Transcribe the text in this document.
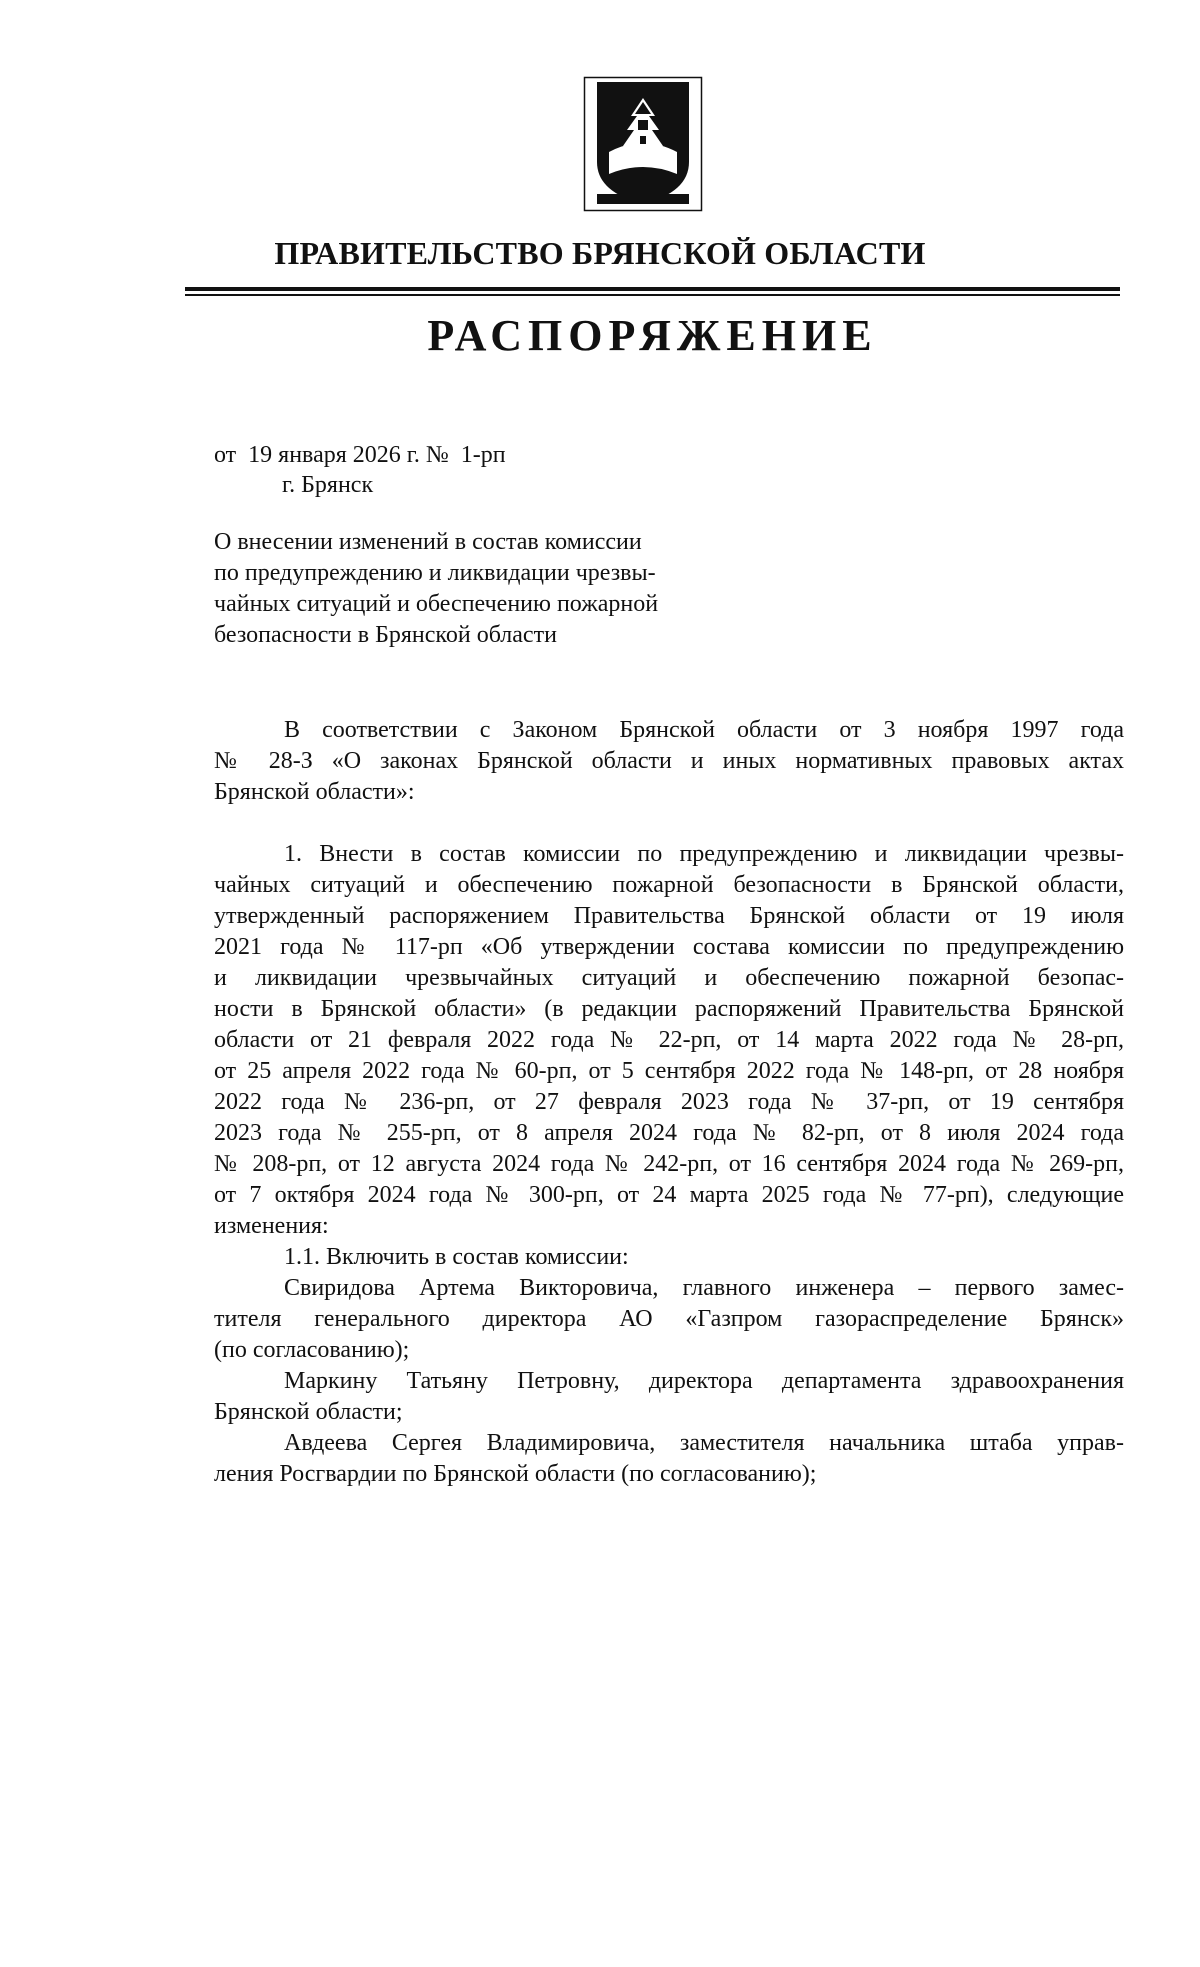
ПРАВИТЕЛЬСТВО БРЯНСКОЙ ОБЛАСТИ
РАСПОРЯЖЕНИЕ
от  19 января 2026 г. №  1-рп
г. Брянск
О внесении изменений в состав комиссии
по предупреждению и ликвидации чрезвы-
чайных ситуаций и обеспечению пожарной
безопасности в Брянской области
В соответствии с Законом Брянской области от 3 ноября 1997 года
№ 28-З «О законах Брянской области и иных нормативных правовых актах
Брянской области»:
1. Внести в состав комиссии по предупреждению и ликвидации чрезвы-
чайных ситуаций и обеспечению пожарной безопасности в Брянской области,
утвержденный распоряжением Правительства Брянской области от 19 июля
2021 года № 117-рп «Об утверждении состава комиссии по предупреждению
и ликвидации чрезвычайных ситуаций и обеспечению пожарной безопас-
ности в Брянской области» (в редакции распоряжений Правительства Брянской
области от 21 февраля 2022 года № 22-рп, от 14 марта 2022 года № 28-рп,
от 25 апреля 2022 года № 60-рп, от 5 сентября 2022 года № 148-рп, от 28 ноября
2022 года № 236-рп, от 27 февраля 2023 года № 37-рп, от 19 сентября
2023 года № 255-рп, от 8 апреля 2024 года № 82-рп, от 8 июля 2024 года
№ 208-рп, от 12 августа 2024 года № 242-рп, от 16 сентября 2024 года № 269-рп,
от 7 октября 2024 года № 300-рп, от 24 марта 2025 года № 77-рп), следующие
изменения:
1.1. Включить в состав комиссии:
Свиридова Артема Викторовича, главного инженера – первого замес-
тителя генерального директора АО «Газпром газораспределение Брянск»
(по согласованию);
Маркину Татьяну Петровну, директора департамента здравоохранения
Брянской области;
Авдеева Сергея Владимировича, заместителя начальника штаба управ-
ления Росгвардии по Брянской области (по согласованию);
